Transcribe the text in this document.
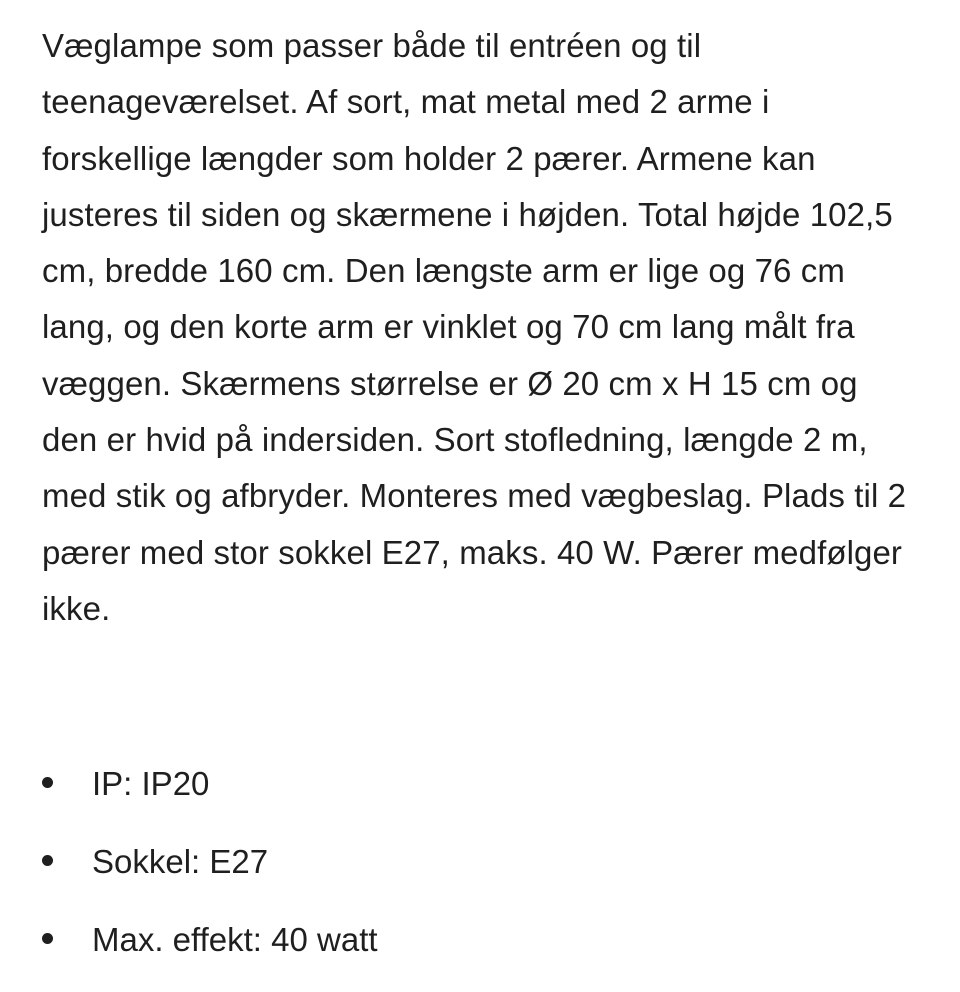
Væglampe som passer både til entréen og til teenageværelset. Af sort, mat metal med 2 arme i forskellige længder som holder 2 pærer. Armene kan justeres til siden og skærmene i højden. Total højde 102,5 cm, bredde 160 cm. Den længste arm er lige og 76 cm lang, og den korte arm er vinklet og 70 cm lang målt fra væggen. Skærmens størrelse er Ø 20 cm x H 15 cm og den er hvid på indersiden. Sort stofledning, længde 2 m, med stik og afbryder. Monteres med vægbeslag. Plads til 2 pærer med stor sokkel E27, maks. 40 W. Pærer medfølger ikke.

IP: IP20
Sokkel: E27
Max. effekt: 40 watt
